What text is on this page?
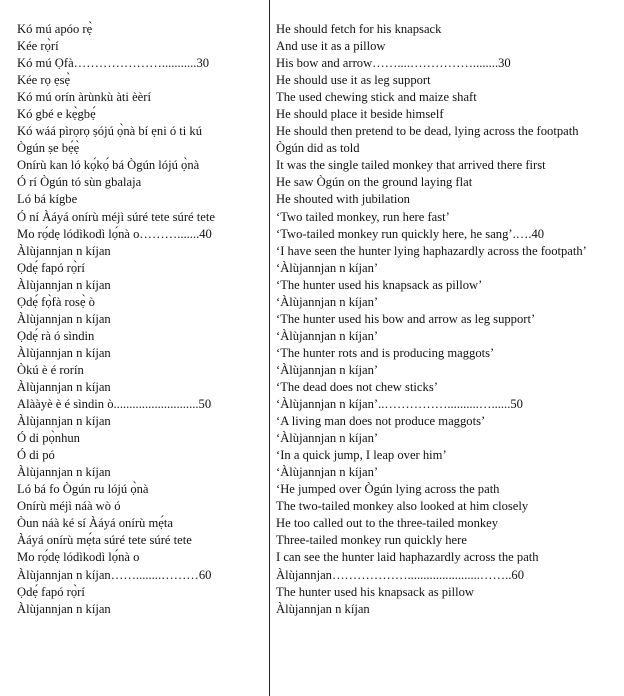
Kó mú apóo rẹ̀
Kée rọ̀rí
Kó mú Ọfà…………………...........30
Kée rọ ẹsẹ̀
Kó mú orín àrùnkù àti èèrí
Kó gbé e kẹ̀gbẹ́
Kó wáá pìrọrọ ṣójú ọ̀nà bí ẹni ó ti kú
Ògún ṣe bẹ́ẹ̀
Onírù kan ló kọ́kọ́ bá Ògún lójú ọ̀nà
Ó rí Ògún tó sùn gbalaja
Ló bá kígbe
Ó ní Àáyá onírù méjì súré tete súré tete
Mo rọ́dẹ lódìkodì lọ́nà o……….......40
Àlùjannjan n kíjan
Ọdẹ́ fapó rọ̀rí
Àlùjannjan n kíjan
Ọdẹ́ fọ̀fà rosẹ̀ ò
Àlùjannjan n kíjan
Ọdẹ́ rà ó sìndin
Àlùjannjan n kíjan
Òkú è é rorín
Àlùjannjan n kíjan
Alààyè è é sìndin ò...........................50
Àlùjannjan n kíjan
Ó di pọ̀nhun
Ó di pó
Àlùjannjan n kíjan
Ló bá fo Ògún ru lójú ọ̀nà
Onírù méjì náà wò ó
Òun náà ké sí Àáyá onírù mẹ́ta
Àáyá onírù mẹ́ta súré tete súré tete
Mo rọ́dẹ lódìkodì lọ́nà o
Àlùjannjan n kíjan……........………60
Ọdẹ́ fapó rọ̀rí
Àlùjannjan n kíjan
He should fetch for his knapsack
And use it as a pillow
His bow and arrow……....……………........30
He should use it as leg support
The used chewing stick and maize shaft
He should place it beside himself
He should then pretend to be dead, lying across the footpath
Ògún did as told
It was the single tailed monkey that arrived there first
He saw Ògún on the ground laying flat
He shouted with jubilation
‘Two tailed monkey, run here fast’
‘Two-tailed monkey run quickly here, he sang’.….40
‘I have seen the hunter lying haphazardly across the footpath’
‘Àlùjannjan n kíjan’
‘The hunter used his knapsack as pillow’
‘Àlùjannjan n kíjan’
‘The hunter used his bow and arrow as leg support’
‘Àlùjannjan n kíjan’
‘The hunter rots and is producing maggots’
‘Àlùjannjan n kíjan’
‘The dead does not chew sticks’
‘Àlùjannjan n kíjan’..……………..........…......50
‘A living man does not produce maggots’
‘Àlùjannjan n kíjan’
‘In a quick jump, I leap over him’
‘Àlùjannjan n kíjan’
‘He jumped over Ògún lying across the path
The two-tailed monkey also looked at him closely
He too called out to the three-tailed monkey
Three-tailed monkey run quickly here
I can see the hunter laid haphazardly across the path
Àlùjannjan……………….......................……..60
The hunter used his knapsack as pillow
Àlùjannjan n kíjan
